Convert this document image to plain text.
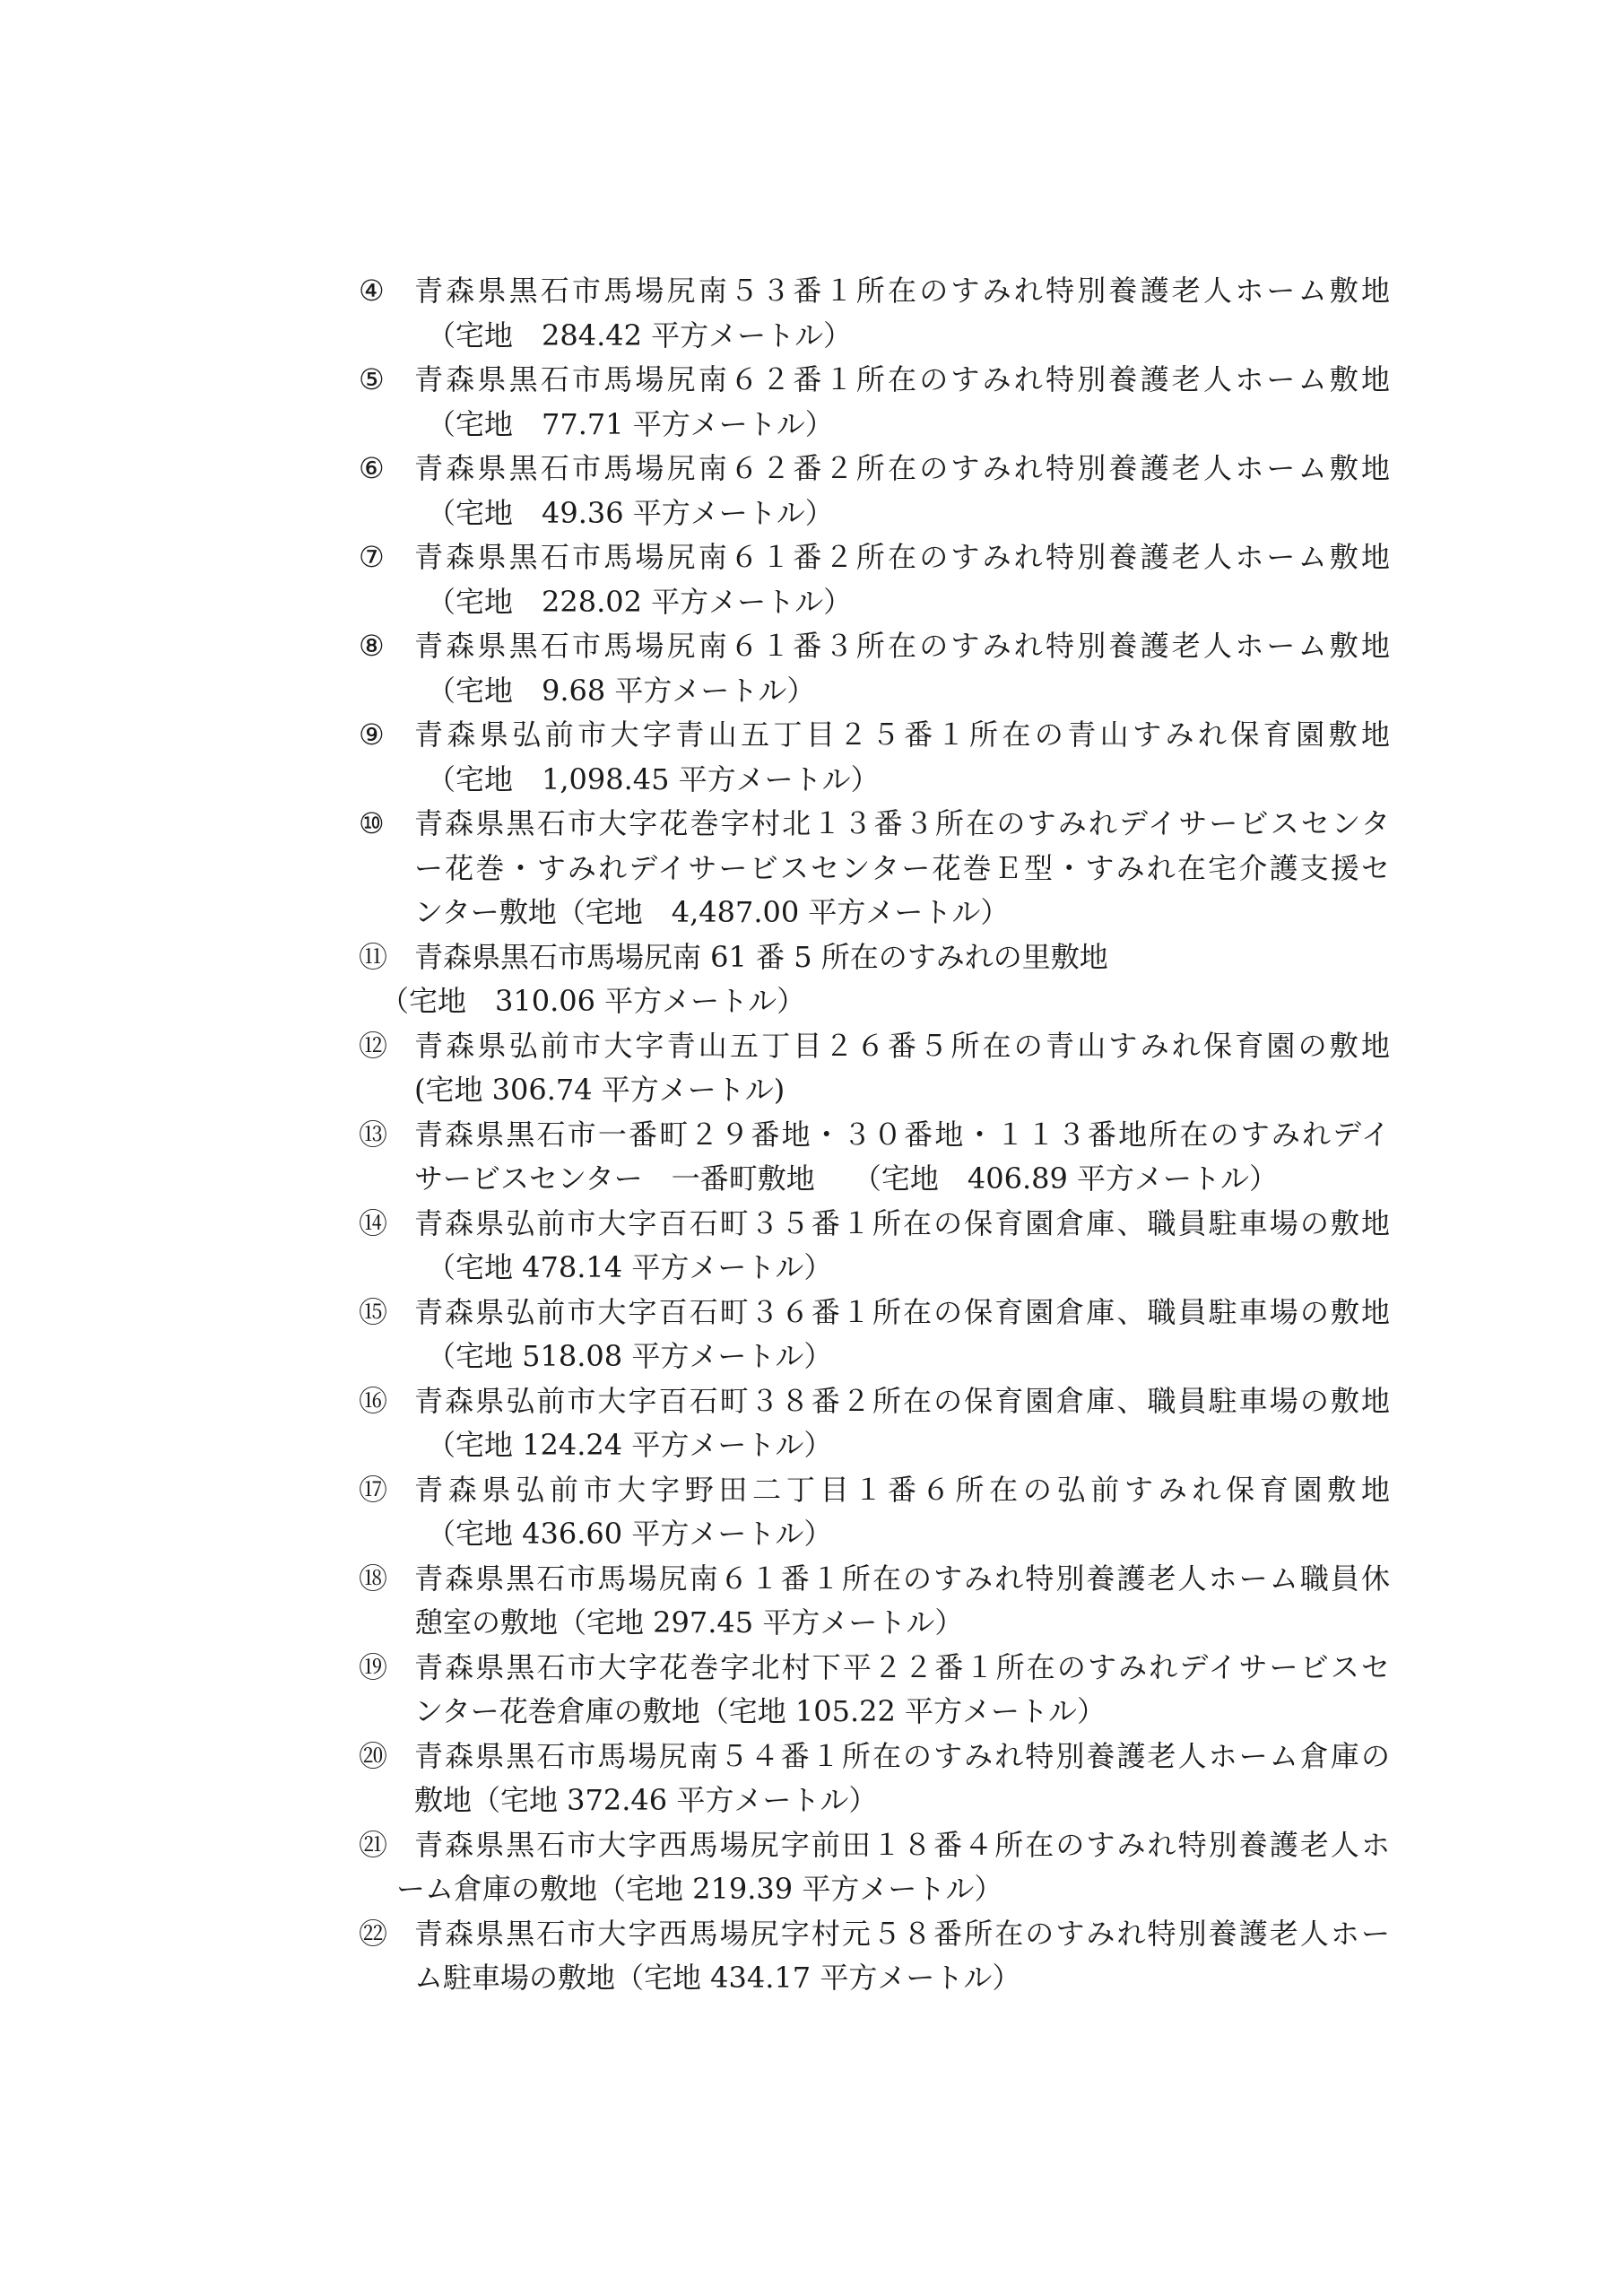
④	青森県黒石市馬場尻南５３番１所在のすみれ特別養護老人ホーム敷地
（宅地　284.42 平方メートル）
⑤	青森県黒石市馬場尻南６２番１所在のすみれ特別養護老人ホーム敷地
（宅地　77.71 平方メートル）
⑥	青森県黒石市馬場尻南６２番２所在のすみれ特別養護老人ホーム敷地
（宅地　49.36 平方メートル）
⑦	青森県黒石市馬場尻南６１番２所在のすみれ特別養護老人ホーム敷地
（宅地　228.02 平方メートル）
⑧	青森県黒石市馬場尻南６１番３所在のすみれ特別養護老人ホーム敷地
（宅地　9.68 平方メートル）
⑨	青森県弘前市大字青山五丁目２５番１所在の青山すみれ保育園敷地
（宅地　1,098.45 平方メートル）
⑩	青森県黒石市大字花巻字村北１３番３所在のすみれデイサービスセンタ
ー花巻・すみれデイサービスセンター花巻Ｅ型・すみれ在宅介護支援セ
ンター敷地（宅地　4,487.00 平方メートル）
⑪ 青森県黒石市馬場尻南 61 番 5 所在のすみれの里敷地
（宅地　310.06 平方メートル）
⑫ 青森県弘前市大字青山五丁目２６番５所在の青山すみれ保育園の敷地
(宅地 306.74 平方メートル)
⑬ 青森県黒石市一番町２９番地・３０番地・１１３番地所在のすみれデイ
サービスセンター　一番町敷地　 （宅地　406.89 平方メートル）
⑭ 青森県弘前市大字百石町３５番１所在の保育園倉庫、職員駐車場の敷地
（宅地 478.14 平方メートル）
⑮ 青森県弘前市大字百石町３６番１所在の保育園倉庫、職員駐車場の敷地
（宅地 518.08 平方メートル）
⑯ 青森県弘前市大字百石町３８番２所在の保育園倉庫、職員駐車場の敷地
（宅地 124.24 平方メートル）
⑰ 青森県弘前市大字野田二丁目１番６所在の弘前すみれ保育園敷地
（宅地 436.60 平方メートル）
⑱ 青森県黒石市馬場尻南６１番１所在のすみれ特別養護老人ホーム職員休
憩室の敷地（宅地 297.45 平方メートル）
⑲ 青森県黒石市大字花巻字北村下平２２番１所在のすみれデイサービスセ
ンター花巻倉庫の敷地（宅地 105.22 平方メートル）
⑳ 青森県黒石市馬場尻南５４番１所在のすみれ特別養護老人ホーム倉庫の
敷地（宅地 372.46 平方メートル）
㉑ 青森県黒石市大字西馬場尻字前田１８番４所在のすみれ特別養護老人ホ
ーム倉庫の敷地（宅地 219.39 平方メートル）
㉒ 青森県黒石市大字西馬場尻字村元５８番所在のすみれ特別養護老人ホー
ム駐車場の敷地（宅地 434.17 平方メートル）
